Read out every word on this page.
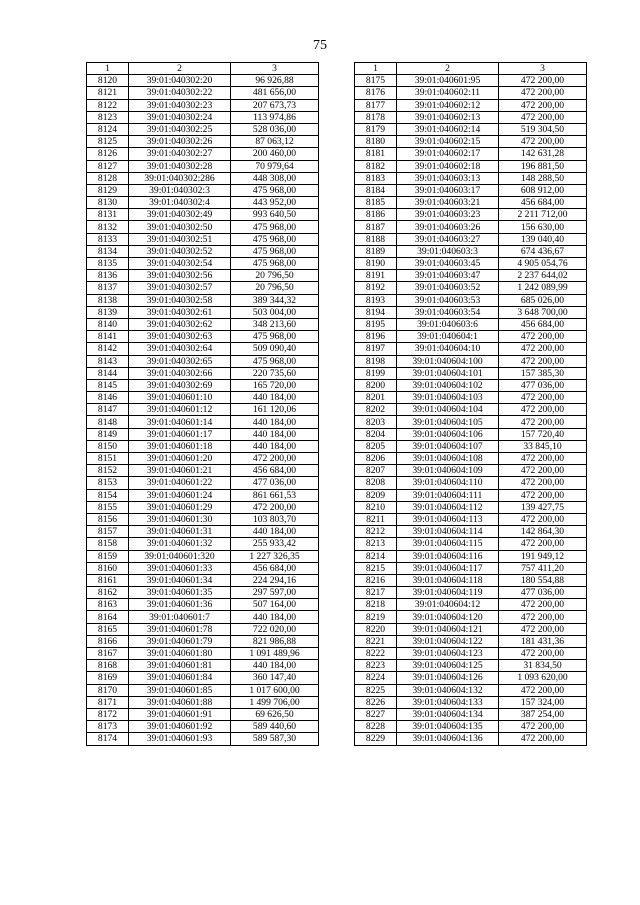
75
1	2	3
8120	39:01:040302:20	96 926,88
8121	39:01:040302:22	481 656,00
8122	39:01:040302:23	207 673,73
8123	39:01:040302:24	113 974,86
8124	39:01:040302:25	528 036,00
8125	39:01:040302:26	87 063,12
8126	39:01:040302:27	200 460,00
8127	39:01:040302:28	70 979,64
8128	39:01:040302:286	448 308,00
8129	39:01:040302:3	475 968,00
8130	39:01:040302:4	443 952,00
8131	39:01:040302:49	993 640,50
8132	39:01:040302:50	475 968,00
8133	39:01:040302:51	475 968,00
8134	39:01:040302:52	475 968,00
8135	39:01:040302:54	475 968,00
8136	39:01:040302:56	20 796,50
8137	39:01:040302:57	20 796,50
8138	39:01:040302:58	389 344,32
8139	39:01:040302:61	503 004,00
8140	39:01:040302:62	348 213,60
8141	39:01:040302:63	475 968,00
8142	39:01:040302:64	509 090,40
8143	39:01:040302:65	475 968,00
8144	39:01:040302:66	220 735,60
8145	39:01:040302:69	165 720,00
8146	39:01:040601:10	440 184,00
8147	39:01:040601:12	161 120,06
8148	39:01:040601:14	440 184,00
8149	39:01:040601:17	440 184,00
8150	39:01:040601:18	440 184,00
8151	39:01:040601:20	472 200,00
8152	39:01:040601:21	456 684,00
8153	39:01:040601:22	477 036,00
8154	39:01:040601:24	861 661,53
8155	39:01:040601:29	472 200,00
8156	39:01:040601:30	103 803,70
8157	39:01:040601:31	440 184,00
8158	39:01:040601:32	255 933,42
8159	39:01:040601:320	1 227 326,35
8160	39:01:040601:33	456 684,00
8161	39:01:040601:34	224 294,16
8162	39:01:040601:35	297 597,00
8163	39:01:040601:36	507 164,00
8164	39:01:040601:7	440 184,00
8165	39:01:040601:78	722 020,00
8166	39:01:040601:79	821 986,88
8167	39:01:040601:80	1 091 489,96
8168	39:01:040601:81	440 184,00
8169	39:01:040601:84	360 147,40
8170	39:01:040601:85	1 017 600,00
8171	39:01:040601:88	1 499 706,00
8172	39:01:040601:91	69 626,50
8173	39:01:040601:92	589 440,60
8174	39:01:040601:93	589 587,30
1	2	3
8175	39:01:040601:95	472 200,00
8176	39:01:040602:11	472 200,00
8177	39:01:040602:12	472 200,00
8178	39:01:040602:13	472 200,00
8179	39:01:040602:14	519 304,50
8180	39:01:040602:15	472 200,00
8181	39:01:040602:17	142 631,28
8182	39:01:040602:18	196 881,50
8183	39:01:040603:13	148 288,50
8184	39:01:040603:17	608 912,00
8185	39:01:040603:21	456 684,00
8186	39:01:040603:23	2 211 712,00
8187	39:01:040603:26	156 630,00
8188	39:01:040603:27	139 040,40
8189	39:01:040603:3	674 436,67
8190	39:01:040603:45	4 905 054,76
8191	39:01:040603:47	2 237 644,02
8192	39:01:040603:52	1 242 089,99
8193	39:01:040603:53	685 026,00
8194	39:01:040603:54	3 648 700,00
8195	39:01:040603:6	456 684,00
8196	39:01:040604:1	472 200,00
8197	39:01:040604:10	472 200,00
8198	39:01:040604:100	472 200,00
8199	39:01:040604:101	157 385,30
8200	39:01:040604:102	477 036,00
8201	39:01:040604:103	472 200,00
8202	39:01:040604:104	472 200,00
8203	39:01:040604:105	472 200,00
8204	39:01:040604:106	157 720,40
8205	39:01:040604:107	33 845,10
8206	39:01:040604:108	472 200,00
8207	39:01:040604:109	472 200,00
8208	39:01:040604:110	472 200,00
8209	39:01:040604:111	472 200,00
8210	39:01:040604:112	139 427,75
8211	39:01:040604:113	472 200,00
8212	39:01:040604:114	142 864,30
8213	39:01:040604:115	472 200,00
8214	39:01:040604:116	191 949,12
8215	39:01:040604:117	757 411,20
8216	39:01:040604:118	180 554,88
8217	39:01:040604:119	477 036,00
8218	39:01:040604:12	472 200,00
8219	39:01:040604:120	472 200,00
8220	39:01:040604:121	472 200,00
8221	39:01:040604:122	181 431,36
8222	39:01:040604:123	472 200,00
8223	39:01:040604:125	31 834,50
8224	39:01:040604:126	1 093 620,00
8225	39:01:040604:132	472 200,00
8226	39:01:040604:133	157 324,00
8227	39:01:040604:134	387 254,00
8228	39:01:040604:135	472 200,00
8229	39:01:040604:136	472 200,00
